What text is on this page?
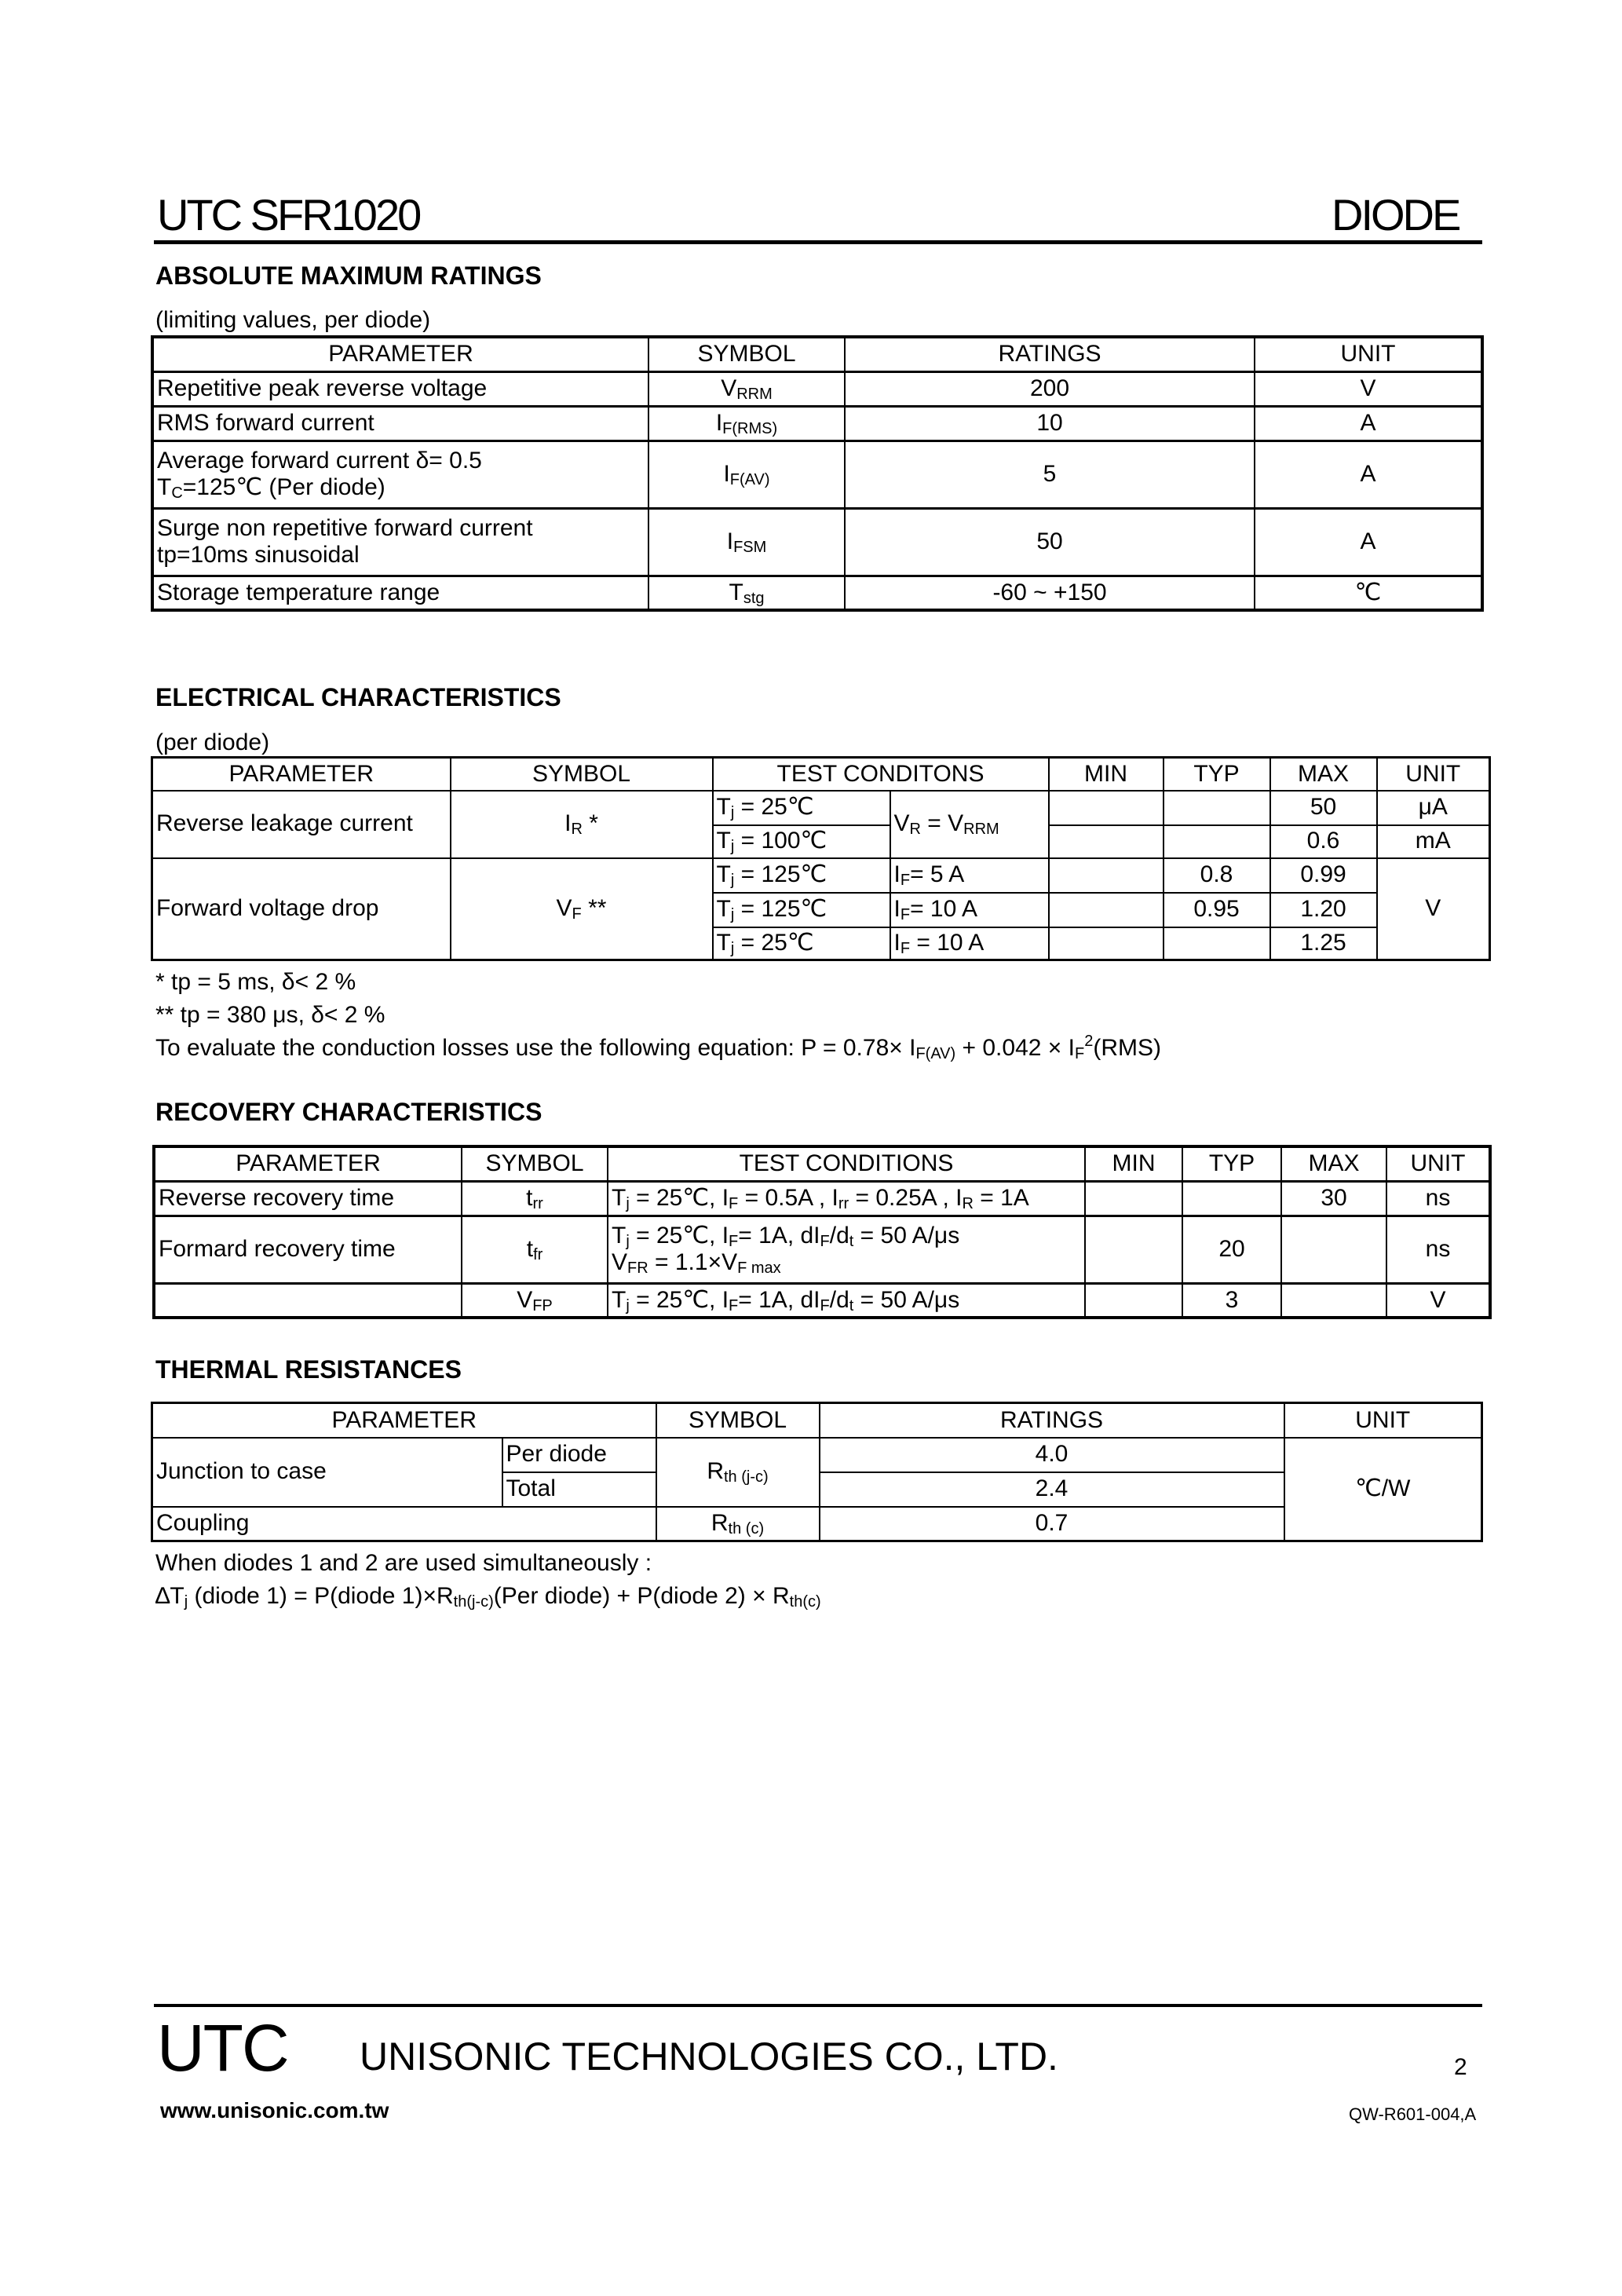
UTC SFR1020	DIODE
ABSOLUTE MAXIMUM RATINGS
(limiting values, per diode)
PARAMETER	SYMBOL	RATINGS	UNIT
Repetitive peak reverse voltage	$V_{RRM}$	200	V
RMS forward current	$I_{F(RMS)}$	10	A

Average forward current δ= 0.5
$T_C=125℃$ (Per diode)	$I_{F(AV)}$	5	A

Surge non repetitive forward current
tp=10ms sinusoidal	$I_{FSM}$	50	A
Storage temperature range	$T_{stg}$	-60 ~ +150	℃
ELECTRICAL CHARACTERISTICS
(per diode)
PARAMETER	SYMBOL	TEST CONDITONS		MIN	TYP	MAX	UNIT
Reverse leakage current	$I_R$ *	$T_j$ = 25℃	$V_R = V_{RRM}$			50	μA
		$T_j$ = 100℃				0.6	mA
Forward voltage drop	$V_F$ **	$T_j$ = 125℃	$I_F= 5$ A		0.8	0.99	V
		$T_j$ = 125℃	$I_F= 10$ A		0.95	1.20	
		$T_j$ = 25℃	$I_F = 10$ A			1.25	
* tp = 5 ms, δ< 2 %
** tp = 380 μs, δ< 2 %
To evaluate the conduction losses use the following equation: $P = 0.78\times I_{F(AV)} + 0.042 \times I_F^2(RMS)$
RECOVERY CHARACTERISTICS
PARAMETER	SYMBOL	TEST CONDITIONS	MIN	TYP	MAX	UNIT
Reverse recovery time	$t_{rr}$	$T_j$ = 25℃, $I_F = 0.5A$ , $I_{rr} = 0.25A$ , $I_R = 1A$			30	ns
Formard recovery time	$t_{fr}$	$T_j$ = 25℃, $I_F= 1A$, $dI_F/d_t = 50$ A/μs
$V_{FR} = 1.1\times V_{F max}$		20		ns
	$V_{FP}$	$T_j$ = 25℃, $I_F= 1A$, $dI_F/d_t = 50$ A/μs		3		V
THERMAL RESISTANCES
PARAMETER		SYMBOL	RATINGS	UNIT
Junction to case	Per diode	$R_{th (j-c)}$	4.0	℃/W
	Total		2.4	
Coupling		$R_{th (c)}$	0.7	
When diodes 1 and 2 are used simultaneously :
$\Delta T_j$ (diode 1) = P(diode $1)\times R_{th(j-c)}(Per$ diode) + P(diode $2) \times R_{th(c)}$
UTC UNISONIC TECHNOLOGIES CO., LTD.	2
www.unisonic.com.tw	QW-R601-004,A
